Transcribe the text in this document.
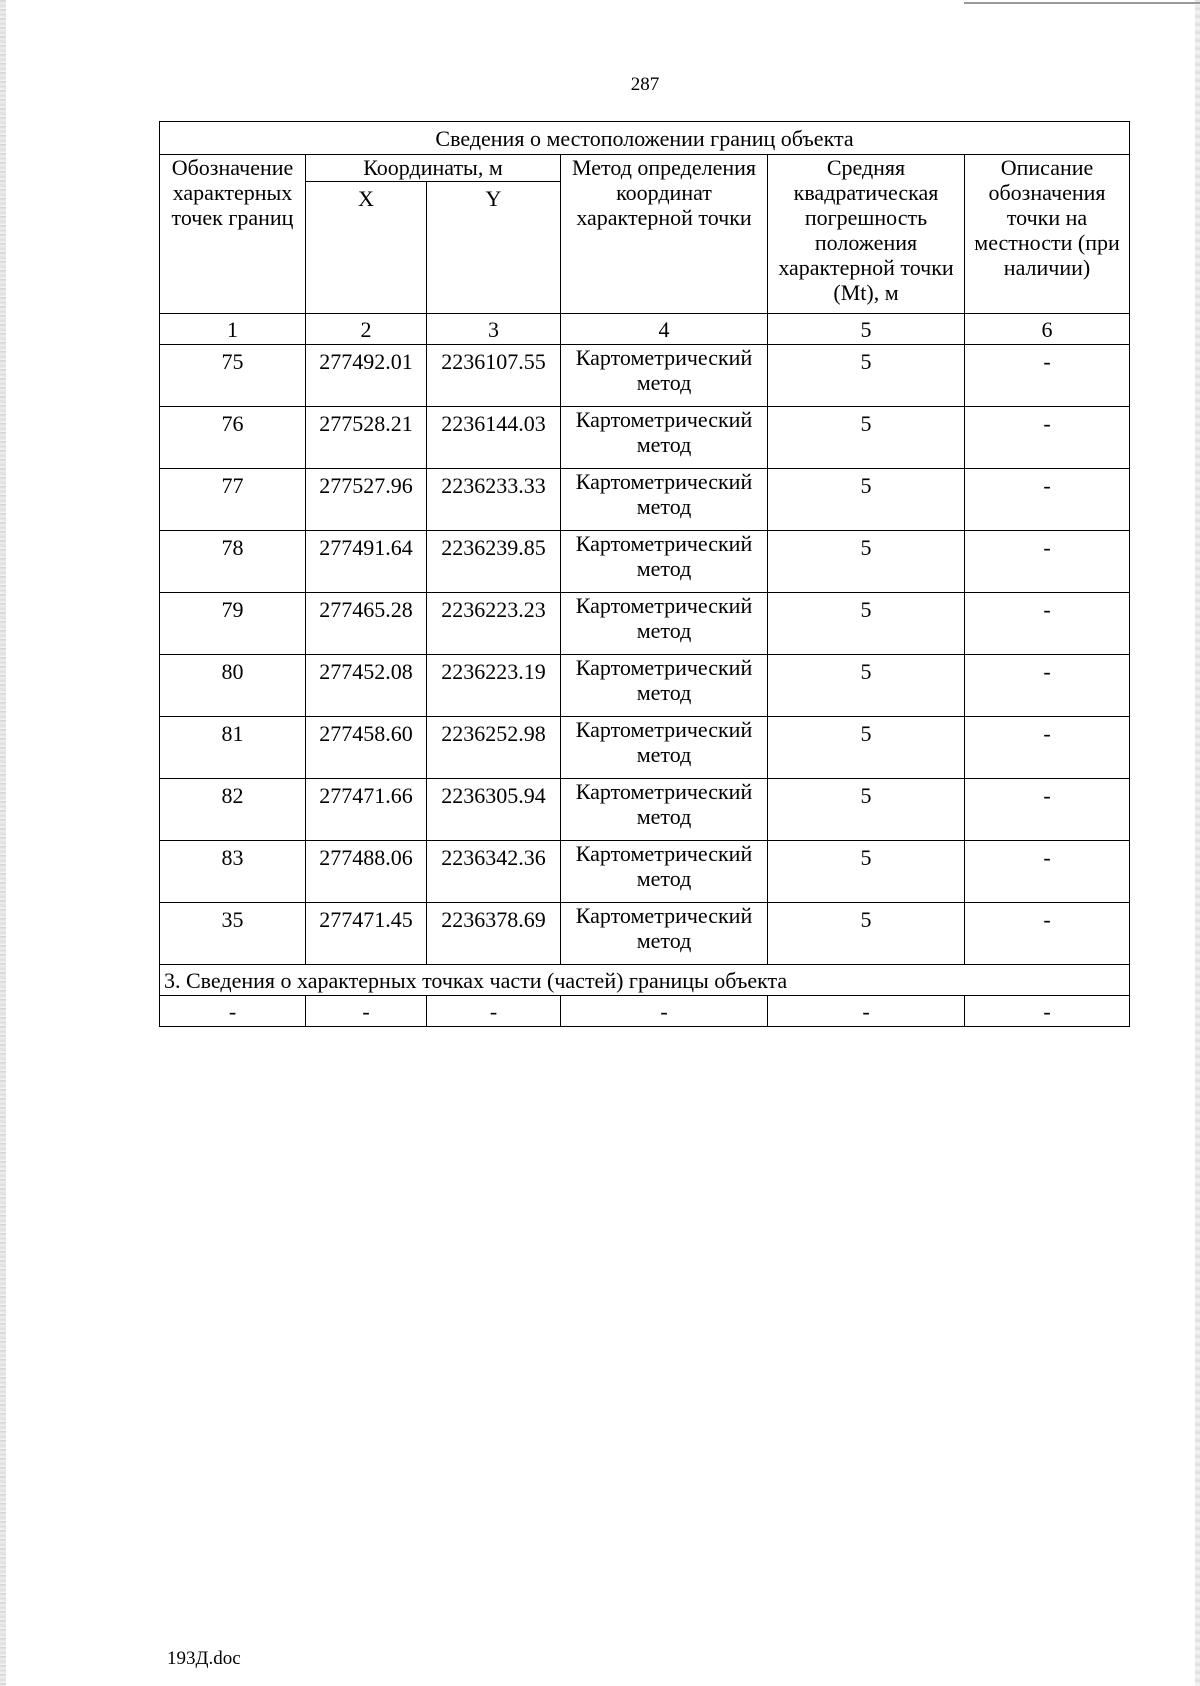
287
Сведения о местоположении границ объекта					

Обозначение характерных точек границ	Координаты, м		Метод определения координат характерной точки	Средняя квадратическая погрешность положения характерной точки (Mt), м	Описание обозначения точки на местности (при наличии)

	X	Y			
1	2	3	4	5	6
75	277492.01	2236107.55	Картометрический метод	5	-
76	277528.21	2236144.03	Картометрический метод	5	-
77	277527.96	2236233.33	Картометрический метод	5	-
78	277491.64	2236239.85	Картометрический метод	5	-
79	277465.28	2236223.23	Картометрический метод	5	-
80	277452.08	2236223.19	Картометрический метод	5	-
81	277458.60	2236252.98	Картометрический метод	5	-
82	277471.66	2236305.94	Картометрический метод	5	-
83	277488.06	2236342.36	Картометрический метод	5	-
35	277471.45	2236378.69	Картометрический метод	5	-
3. Сведения о характерных точках части (частей) границы объекта					
-	-	-	-	-	-
193Д.doc
